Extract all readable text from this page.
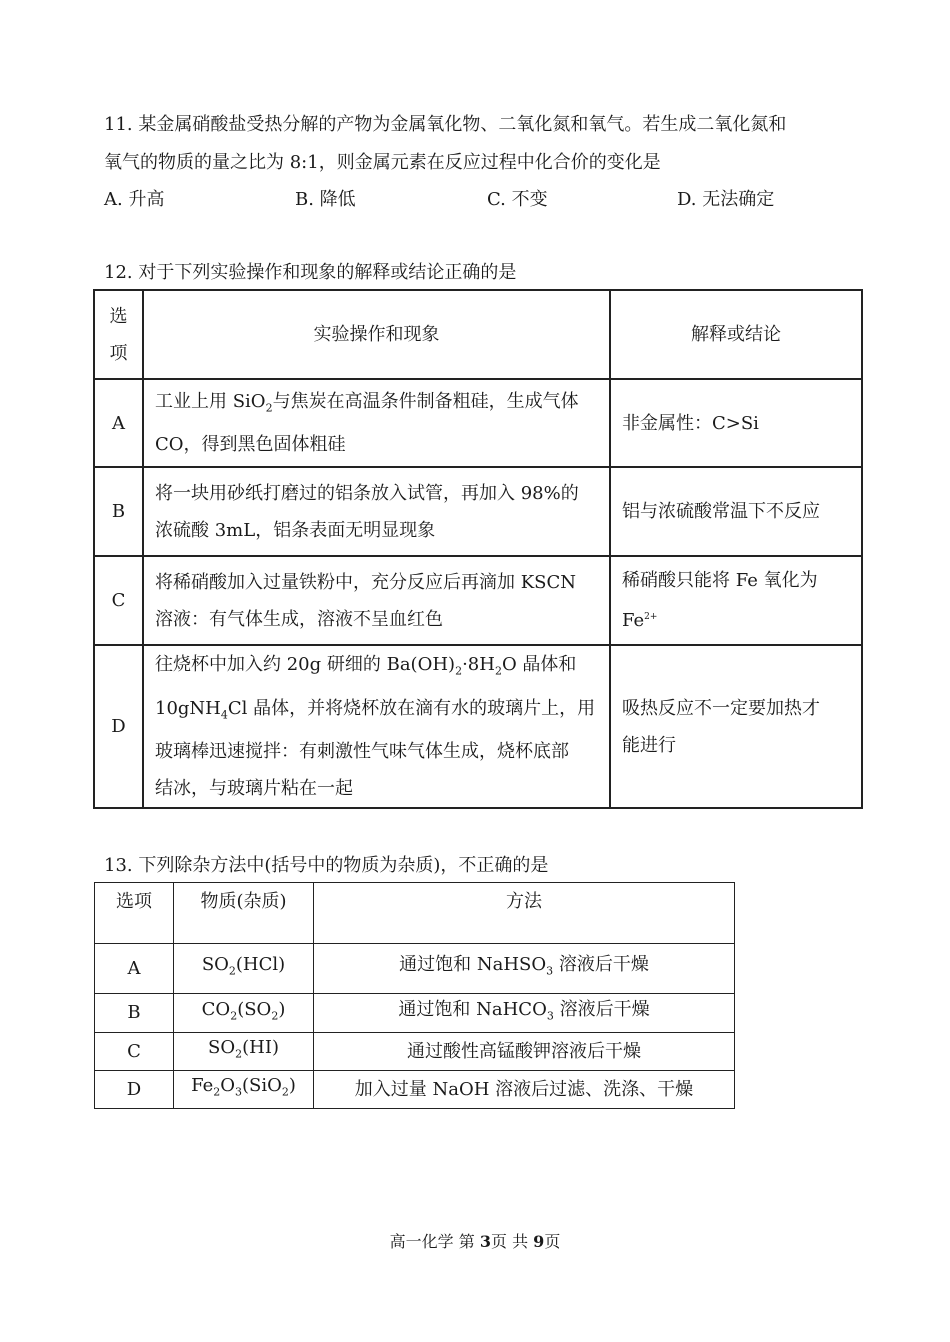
11. 某金属硝酸盐受热分解的产物为金属氧化物、二氧化氮和氧气。若生成二氧化氮和
氧气的物质的量之比为 8:1，则金属元素在反应过程中化合价的变化是
A. 升高	B. 降低	C. 不变	D. 无法确定
12. 对于下列实验操作和现象的解释或结论正确的是
选
项	实验操作和现象	解释或结论
A	工业上用 SiO$_2$与焦炭在高温条件制备粗硅，生成气体
CO，得到黑色固体粗硅	非金属性：C>Si
B	将一块用砂纸打磨过的铝条放入试管，再加入 98%的
浓硫酸 3mL，铝条表面无明显现象	铝与浓硫酸常温下不反应
C	将稀硝酸加入过量铁粉中，充分反应后再滴加 KSCN
溶液：有气体生成，溶液不呈血红色	稀硝酸只能将 Fe 氧化为
$Fe^{2+}$
D	往烧杯中加入约 20g 研细的 $Ba(OH)_2\cdot 8H_2O$ 晶体和
10gNH$_4$Cl 晶体，并将烧杯放在滴有水的玻璃片上，用
玻璃棒迅速搅拌：有刺激性气味气体生成，烧杯底部
结冰，与玻璃片粘在一起	吸热反应不一定要加热才
能进行
13. 下列除杂方法中(括号中的物质为杂质)，不正确的是
选项	物质(杂质)	方法
A	$SO_2(HCl)$	通过饱和 NaHSO$_3$ 溶液后干燥
B	$CO_2(SO_2)$	通过饱和 NaHCO$_3$ 溶液后干燥
C	$SO_2(HI)$	通过酸性高锰酸钾溶液后干燥
D	$Fe_2O_3(SiO_2)$	加入过量 NaOH 溶液后过滤、洗涤、干燥
高一化学 第 3页 共 9页
